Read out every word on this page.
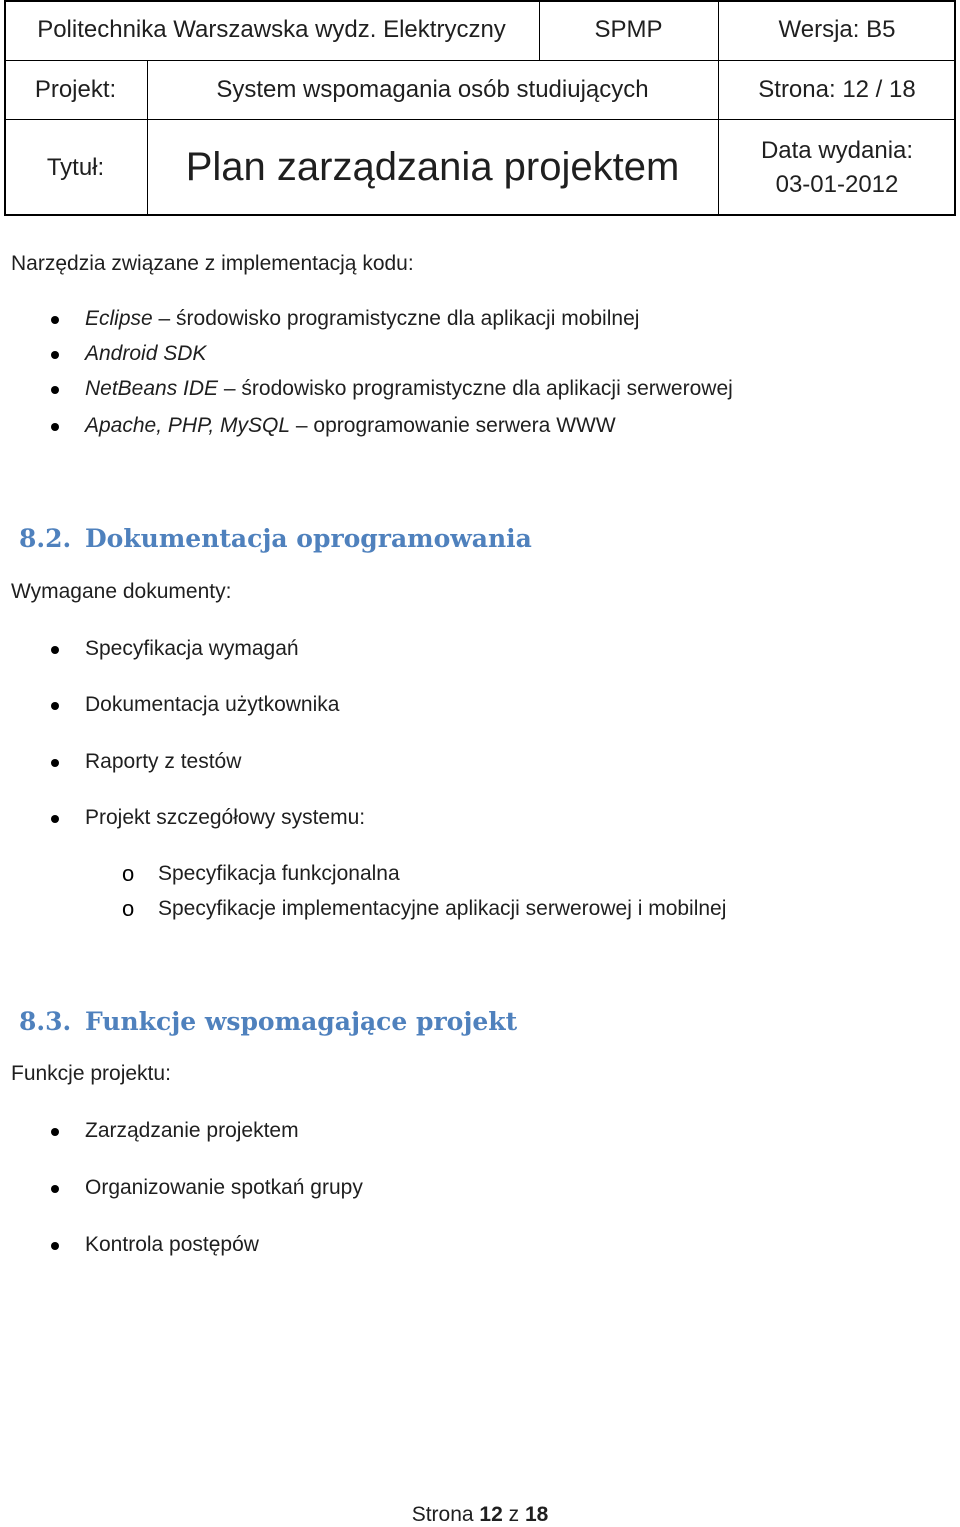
Politechnika Warszawska wydz. Elektryczny	SPMP	Wersja: B5
Projekt:	System wspomagania osób studiujących	Strona: 12 / 18
Tytuł:	Plan zarządzania projektem	Data wydania:
03-01-2012
Narzędzia związane z implementacją kodu:
Eclipse – środowisko programistyczne dla aplikacji mobilnej
Android SDK
NetBeans IDE – środowisko programistyczne dla aplikacji serwerowej
Apache, PHP, MySQL – oprogramowanie serwera WWW
8.2. Dokumentacja oprogramowania
Wymagane dokumenty:
Specyfikacja wymagań
Dokumentacja użytkownika
Raporty z testów
Projekt szczegółowy systemu:
o Specyfikacja funkcjonalna
o Specyfikacje implementacyjne aplikacji serwerowej i mobilnej
8.3. Funkcje wspomagające projekt
Funkcje projektu:
Zarządzanie projektem
Organizowanie spotkań grupy
Kontrola postępów
Strona 12 z 18
